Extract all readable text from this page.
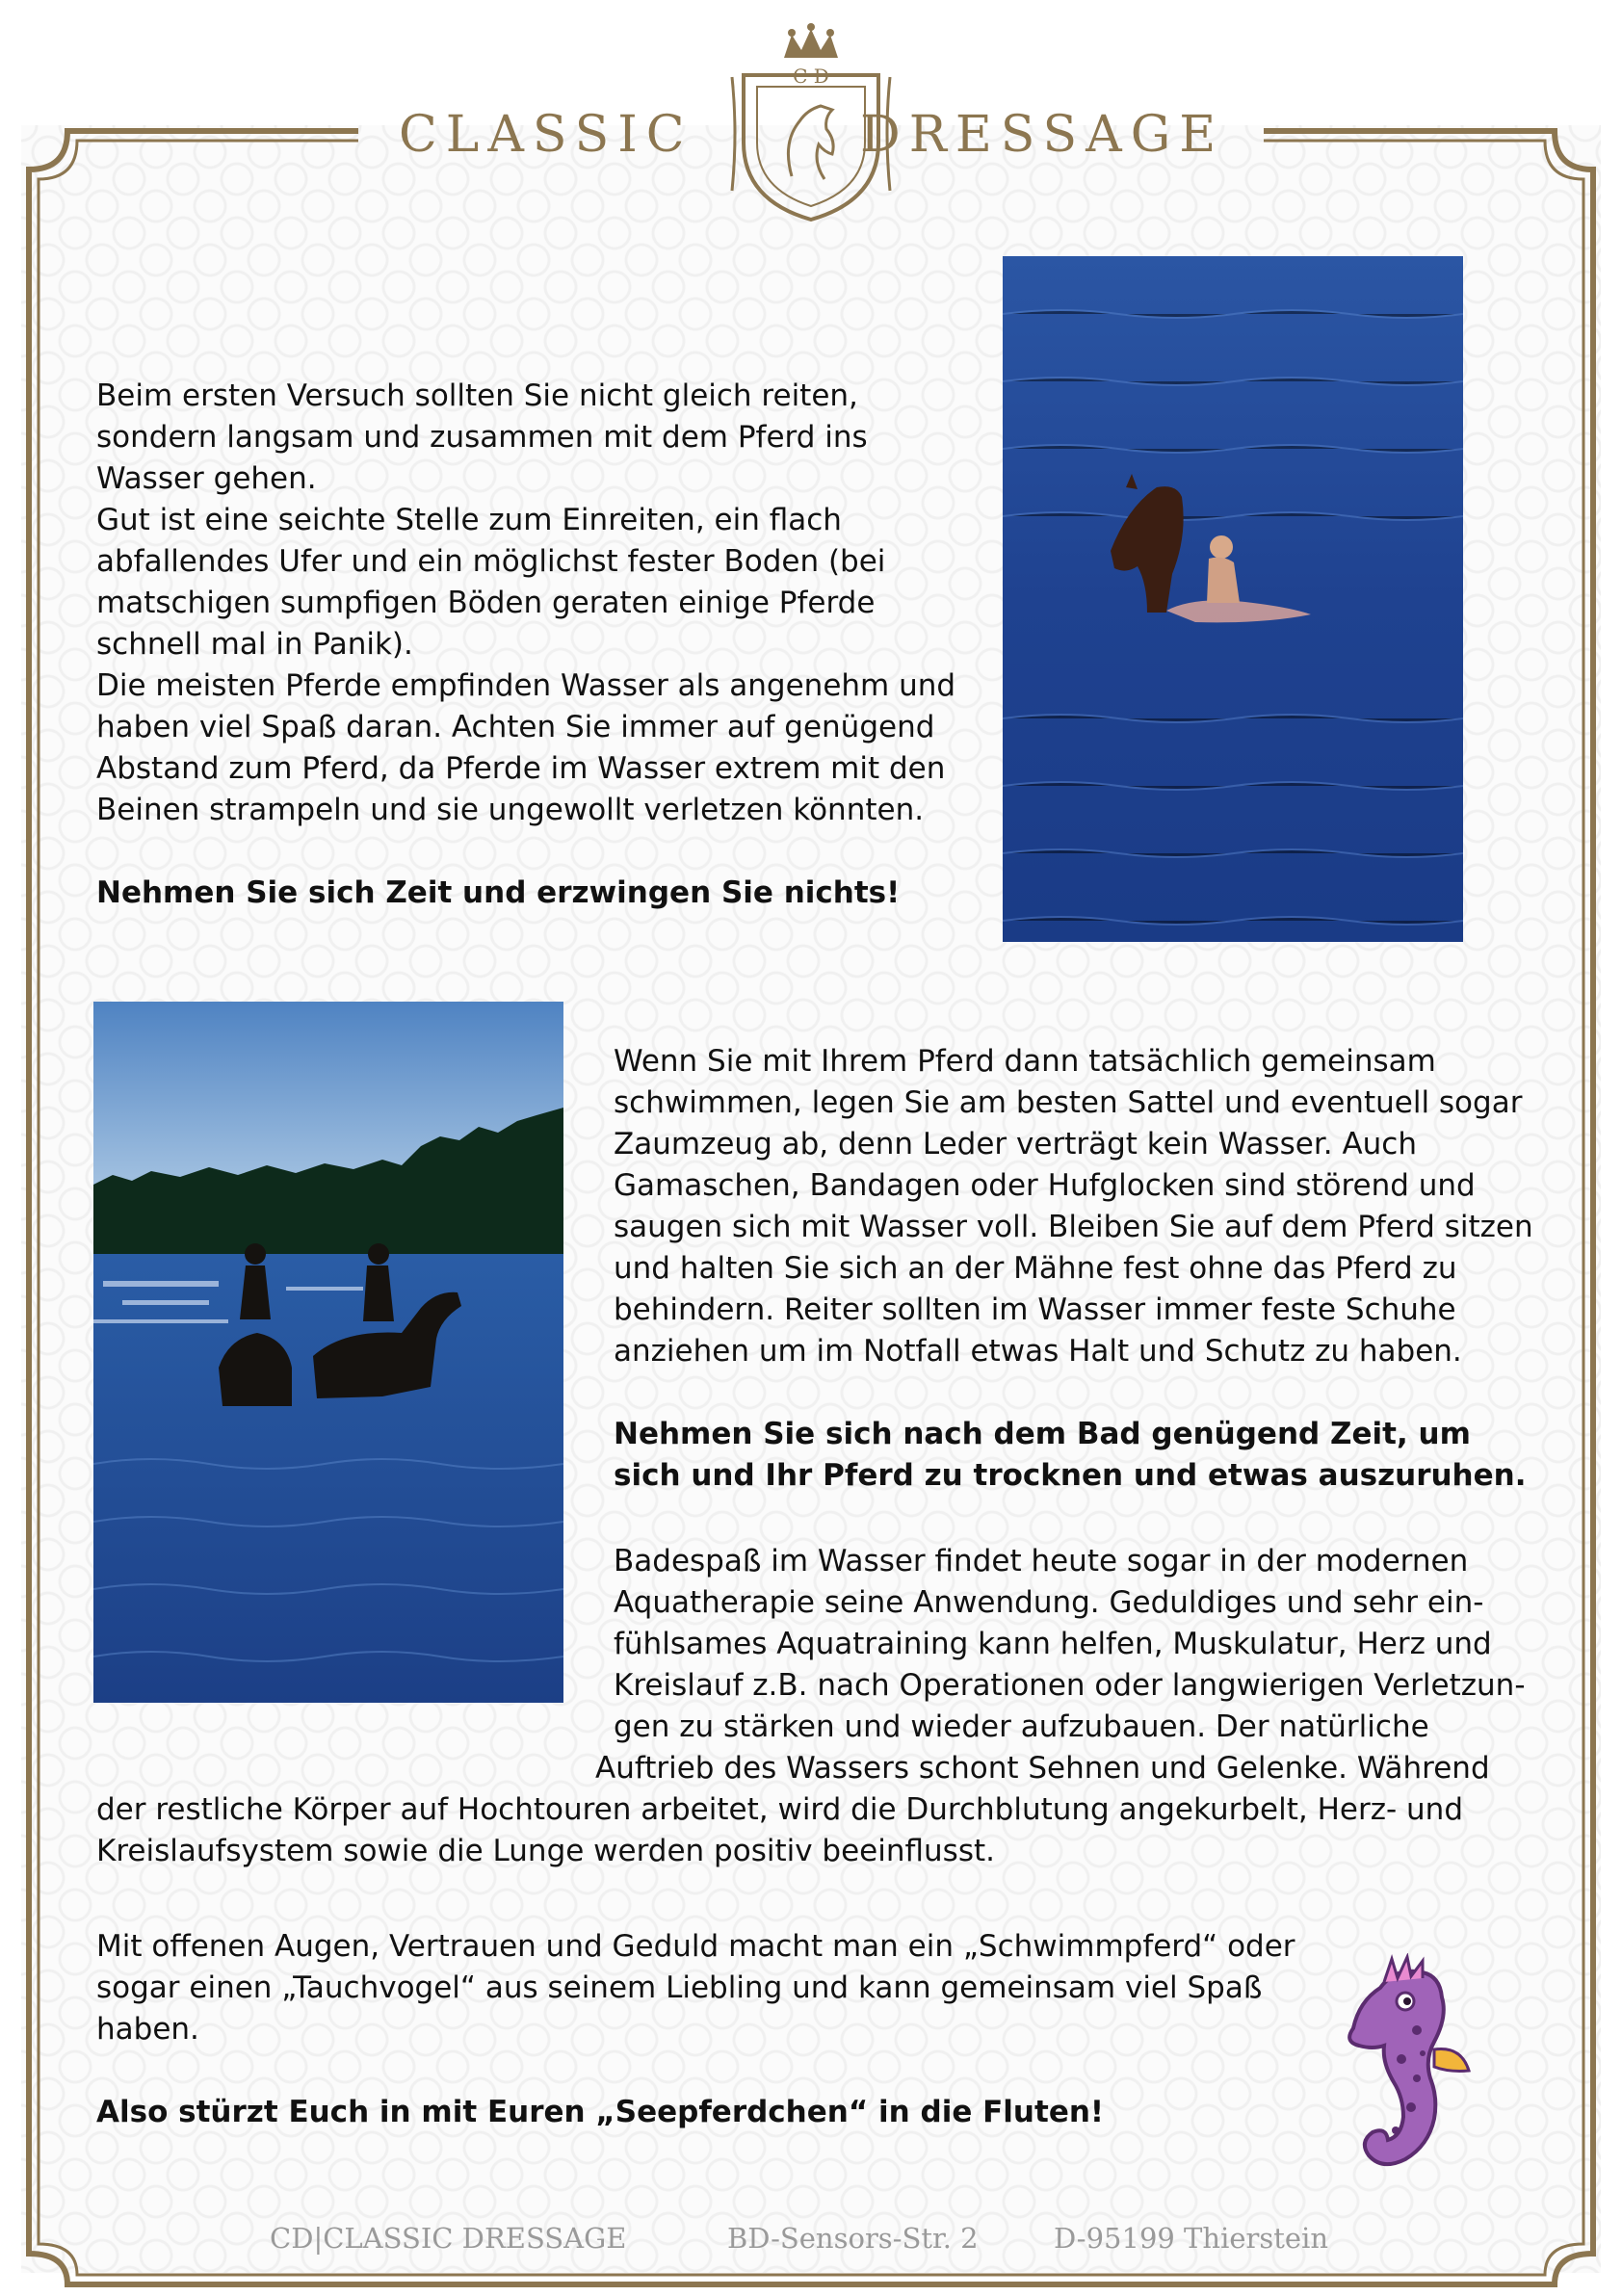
CLASSIC	DRESSAGE
C D

Beim ersten Versuch sollten Sie nicht gleich reiten, sondern langsam und zusammen mit dem Pferd ins Wasser gehen.

Gut ist eine seichte Stelle zum Einreiten, ein flach abfallendes Ufer und ein möglichst fester Boden (bei matschigen sumpfigen Böden geraten einige Pferde schnell mal in Panik).

Die meisten Pferde empfinden Wasser als angenehm und haben viel Spaß daran. Achten Sie immer auf genügend Abstand zum Pferd, da Pferde im Wasser extrem mit den Beinen strampeln und sie ungewollt verletzen könnten.

Nehmen Sie sich Zeit und erzwingen Sie nichts!

Wenn Sie mit Ihrem Pferd dann tatsächlich gemeinsam schwimmen, legen Sie am besten Sattel und eventuell sogar Zaumzeug ab, denn Leder verträgt kein Wasser. Auch Gamaschen, Bandagen oder Hufglocken sind störend und saugen sich mit Wasser voll. Bleiben Sie auf dem Pferd sitzen und halten Sie sich an der Mähne fest ohne das Pferd zu behindern. Reiter sollten im Wasser immer feste Schuhe anziehen um im Notfall etwas Halt und Schutz zu haben.

Nehmen Sie sich nach dem Bad genügend Zeit, um sich und Ihr Pferd zu trocknen und etwas auszuruhen.

Badespaß im Wasser findet heute sogar in der modernen
Aquatherapie seine Anwendung. Geduldiges und sehr ein-
fühlsames Aquatraining kann helfen, Muskulatur, Herz und
Kreislauf z.B. nach Operationen oder langwierigen Verletzun-
gen zu stärken und wieder aufzubauen. Der natürliche
Auftrieb des Wassers schont Sehnen und Gelenke. Während
der restliche Körper auf Hochtouren arbeitet, wird die Durchblutung angekurbelt, Herz- und
Kreislaufsystem sowie die Lunge werden positiv beeinflusst.
Mit offenen Augen, Vertrauen und Geduld macht man ein „Schwimmpferd“ oder
sogar einen „Tauchvogel“ aus seinem Liebling und kann gemeinsam viel Spaß
haben.

Also stürzt Euch in mit Euren „Seepferdchen“ in die Fluten!

CD|CLASSIC DRESSAGE	BD-Sensors-Str. 2	D-95199 Thierstein
